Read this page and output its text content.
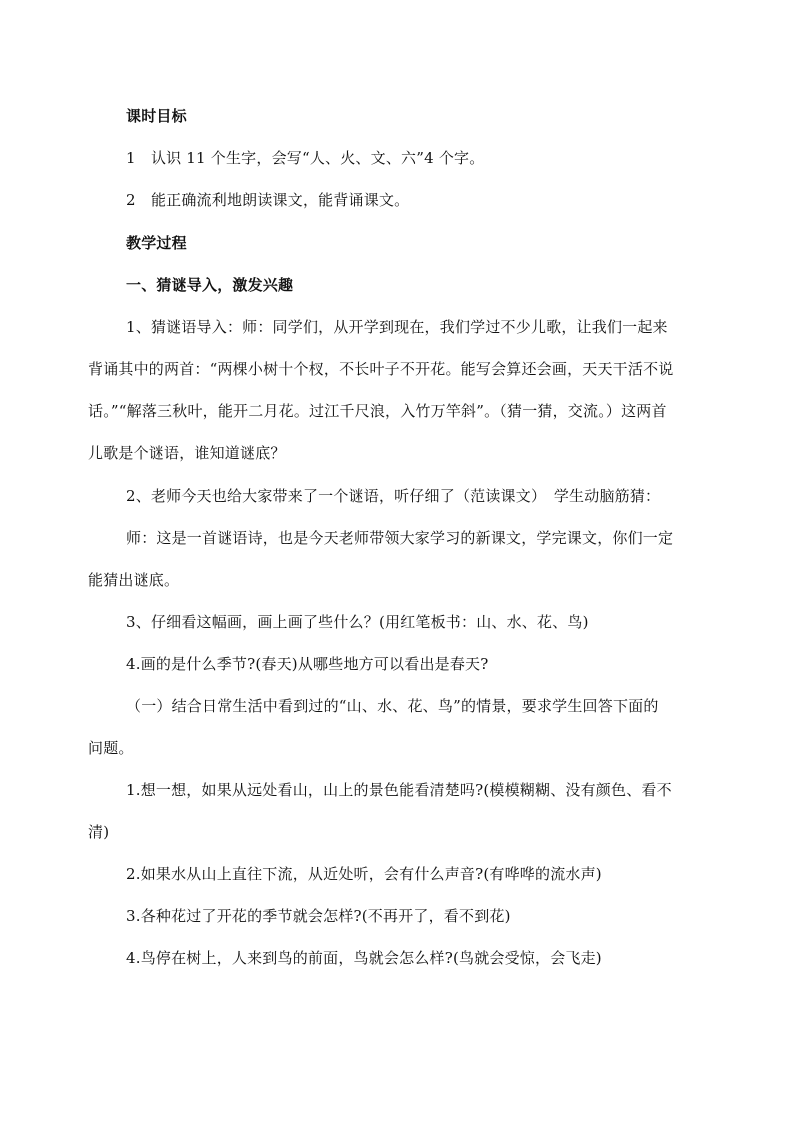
课时目标
1　认识 11 个生字，会写“人、火、文、六”4 个字。
2　能正确流利地朗读课文，能背诵课文。
教学过程
一、猜谜导入，激发兴趣
1、猜谜语导入：师：同学们，从开学到现在，我们学过不少儿歌，让我们一起来
背诵其中的两首：“两棵小树十个杈，不长叶子不开花。能写会算还会画，天天干活不说
话。”“解落三秋叶，能开二月花。过江千尺浪，入竹万竿斜”。（猜一猜，交流。）这两首
儿歌是个谜语，谁知道谜底？
2、老师今天也给大家带来了一个谜语，听仔细了（范读课文）　学生动脑筋猜：
师：这是一首谜语诗，也是今天老师带领大家学习的新课文，学完课文，你们一定
能猜出谜底。
3、仔细看这幅画，画上画了些什么？(用红笔板书：山、水、花、鸟)
4.画的是什么季节?(春天)从哪些地方可以看出是春天?
（一）结合日常生活中看到过的“山、水、花、鸟”的情景，要求学生回答下面的
问题。
1.想一想，如果从远处看山，山上的景色能看清楚吗?(模模糊糊、没有颜色、看不
清)
2.如果水从山上直往下流，从近处听，会有什么声音?(有哗哗的流水声)
3.各种花过了开花的季节就会怎样?(不再开了，看不到花)
4.鸟停在树上，人来到鸟的前面，鸟就会怎么样?(鸟就会受惊，会飞走)
